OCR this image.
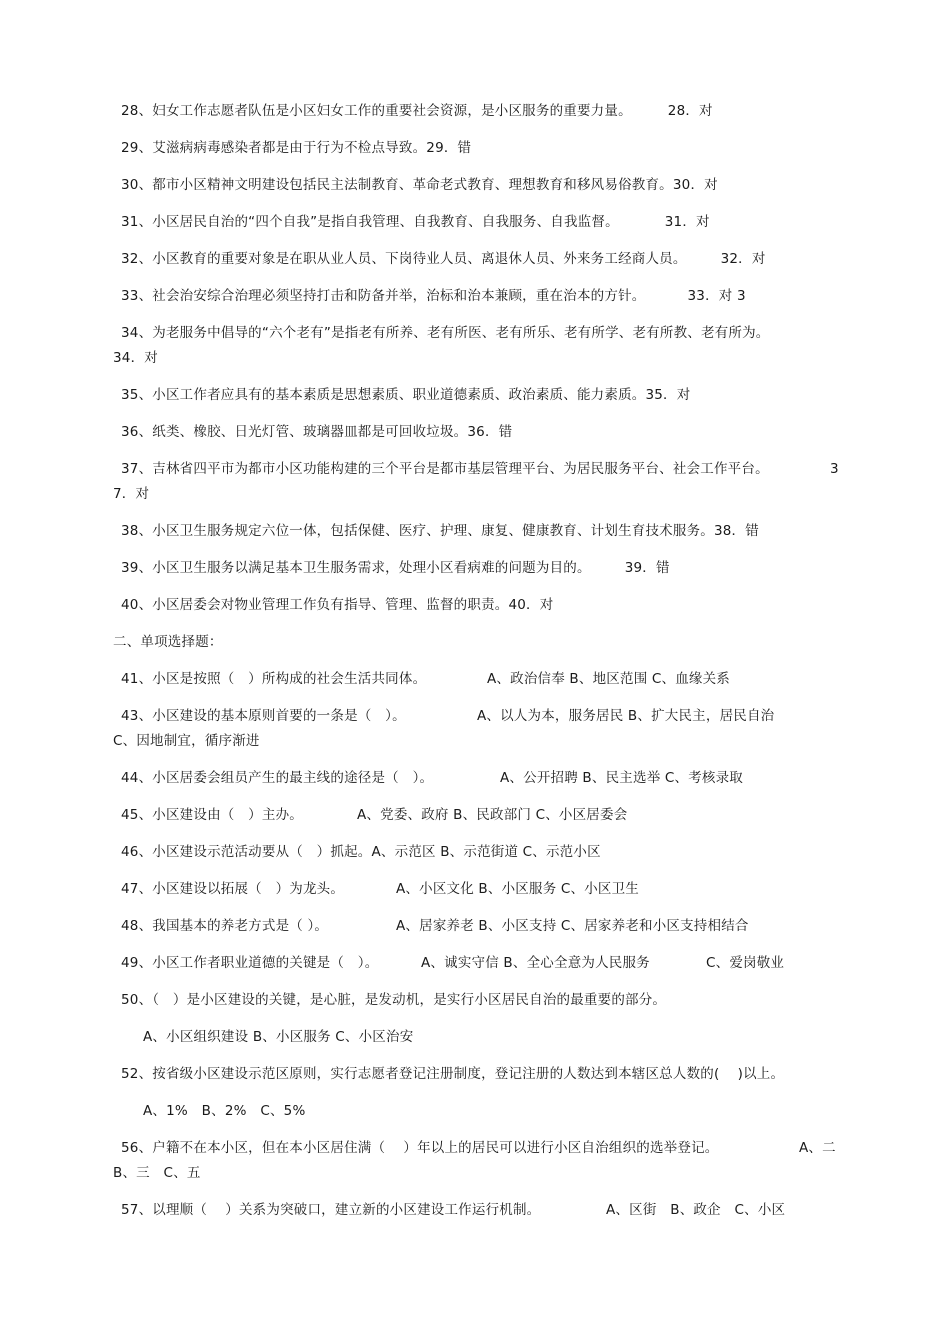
28、妇女工作志愿者队伍是小区妇女工作的重要社会资源，是小区服务的重要力量。	28．对
29、艾滋病病毒感染者都是由于行为不检点导致。29．错
30、都市小区精神文明建设包括民主法制教育、革命老式教育、理想教育和移风易俗教育。30．对
31、小区居民自治的“四个自我”是指自我管理、自我教育、自我服务、自我监督。	31．对
32、小区教育的重要对象是在职从业人员、下岗待业人员、离退休人员、外来务工经商人员。	32．对
33、社会治安综合治理必须坚持打击和防备并举，治标和治本兼顾，重在治本的方针。	33．对 3
34、为老服务中倡导的“六个老有”是指老有所养、老有所医、老有所乐、老有所学、老有所教、老有所为。
34．对
35、小区工作者应具有的基本素质是思想素质、职业道德素质、政治素质、能力素质。35．对
36、纸类、橡胶、日光灯管、玻璃器皿都是可回收垃圾。36．错
37、吉林省四平市为都市小区功能构建的三个平台是都市基层管理平台、为居民服务平台、社会工作平台。	3
7．对
38、小区卫生服务规定六位一体，包括保健、医疗、护理、康复、健康教育、计划生育技术服务。38．错
39、小区卫生服务以满足基本卫生服务需求，处理小区看病难的问题为目的。	39．错
40、小区居委会对物业管理工作负有指导、管理、监督的职责。40．对
二、单项选择题：
41、小区是按照（　）所构成的社会生活共同体。	A、政治信奉 B、地区范围 C、血缘关系
43、小区建设的基本原则首要的一条是（　）。	A、以人为本，服务居民 B、扩大民主，居民自治
C、因地制宜，循序渐进
44、小区居委会组员产生的最主线的途径是（　）。	A、公开招聘 B、民主选举 C、考核录取
45、小区建设由（　）主办。	A、党委、政府 B、民政部门 C、小区居委会
46、小区建设示范活动要从（　）抓起。A、示范区 B、示范街道 C、示范小区
47、小区建设以拓展（　）为龙头。	A、小区文化 B、小区服务 C、小区卫生
48、我国基本的养老方式是（ ）。	A、居家养老 B、小区支持 C、居家养老和小区支持相结合
49、小区工作者职业道德的关键是（　）。	A、诚实守信 B、全心全意为人民服务	C、爱岗敬业
50、（　）是小区建设的关键，是心脏，是发动机，是实行小区居民自治的最重要的部分。
A、小区组织建设 B、小区服务 C、小区治安
52、按省级小区建设示范区原则，实行志愿者登记注册制度，登记注册的人数达到本辖区总人数的(　 )以上。
A、1%　B、2%　C、5%
56、户籍不在本小区，但在本小区居住满（　 ）年以上的居民可以进行小区自治组织的选举登记。	A、二
B、三　C、五
57、以理顺（　 ）关系为突破口，建立新的小区建设工作运行机制。	A、区街　B、政企　C、小区
